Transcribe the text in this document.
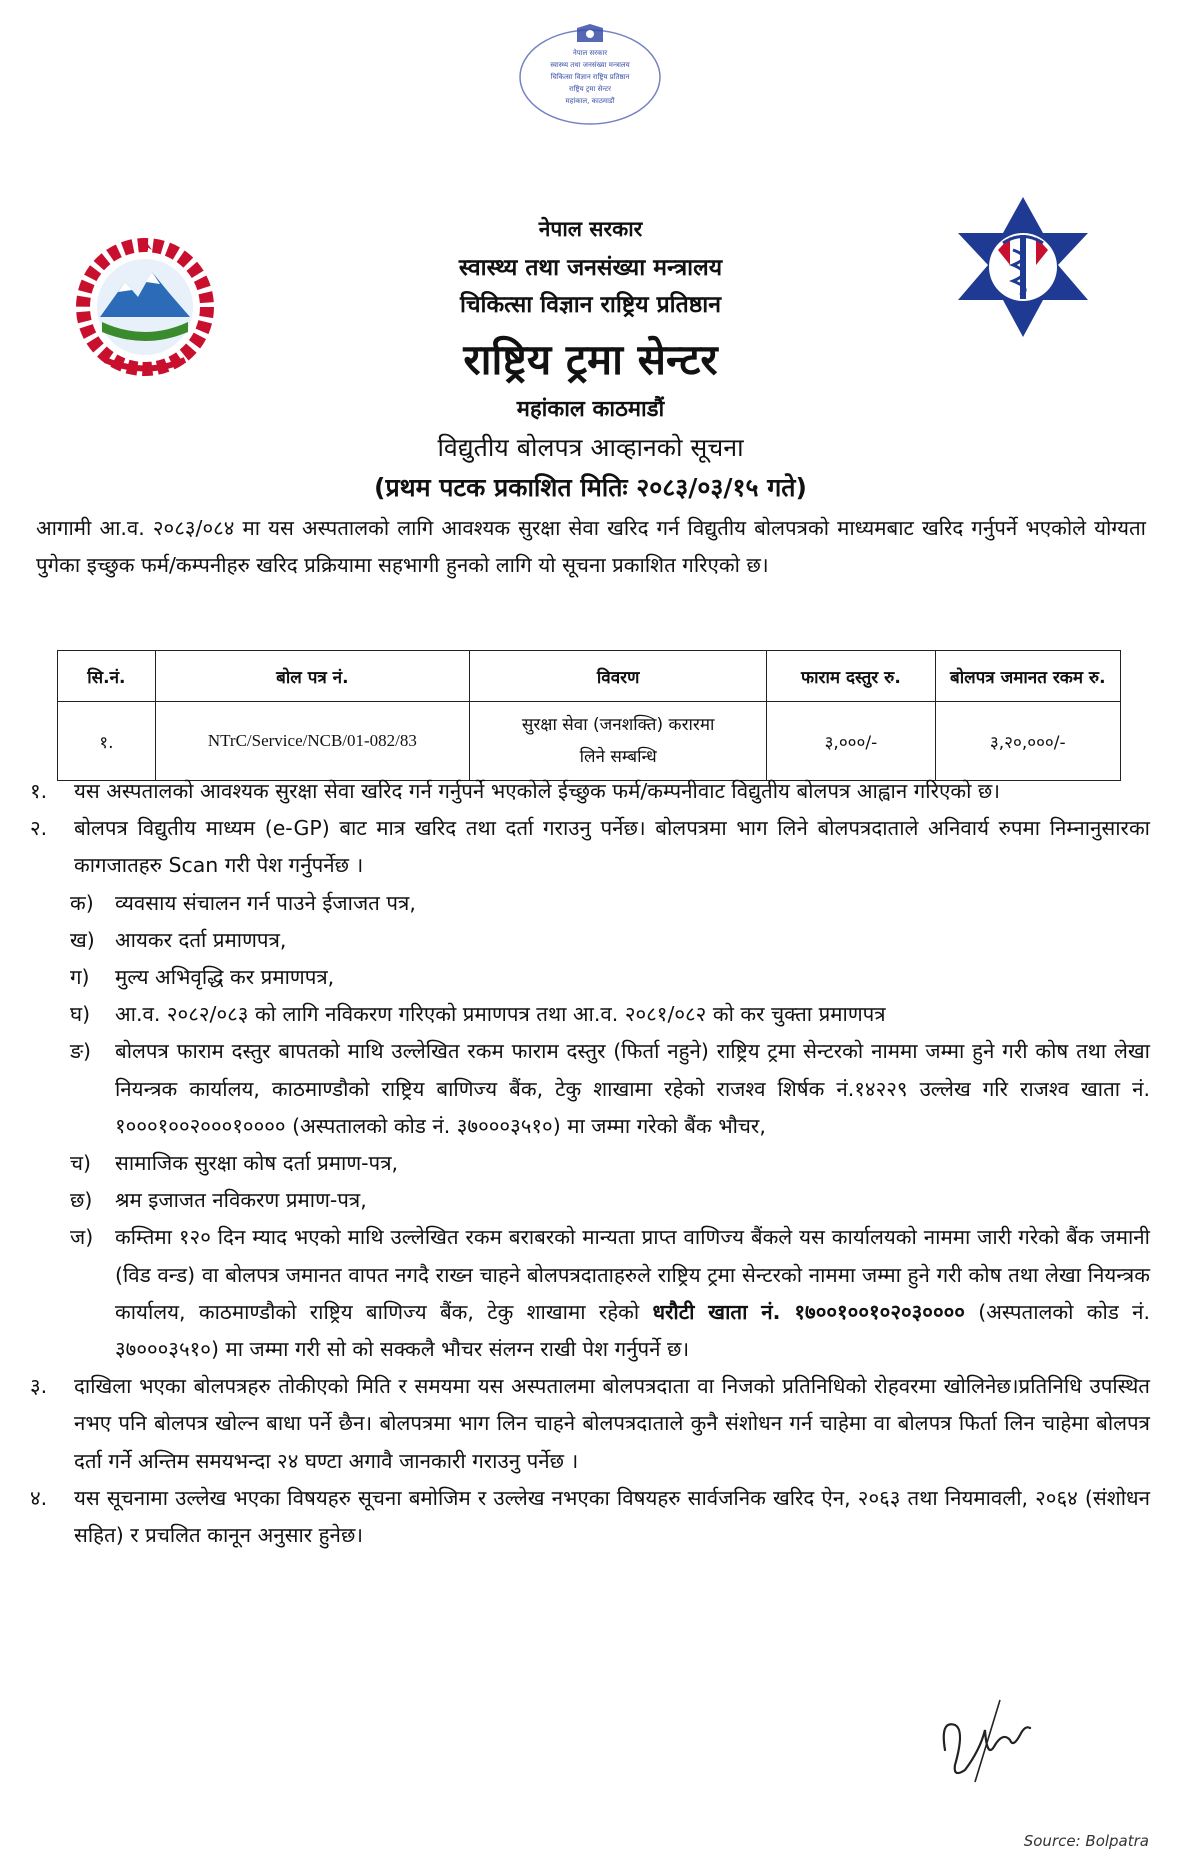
नेपाल सरकार
स्वास्थ्य तथा जनसंख्या मन्त्रालय
चिकित्सा विज्ञान राष्ट्रिय प्रतिष्ठान
राष्ट्रिय ट्रमा सेन्टर
महांकाल, काठमाडौं
नेपाल सरकार
स्वास्थ्य तथा जनसंख्या मन्त्रालय
चिकित्सा विज्ञान राष्ट्रिय प्रतिष्ठान
राष्ट्रिय ट्रमा सेन्टर
महांकाल काठमाडौं
विद्युतीय बोलपत्र आव्हानको सूचना
(प्रथम पटक प्रकाशित मितिः २०८३/०३/१५ गते)
आगामी आ.व. २०८३/०८४ मा यस अस्पतालको लागि आवश्यक सुरक्षा सेवा खरिद गर्न विद्युतीय बोलपत्रको माध्यमबाट खरिद गर्नुपर्ने भएकोले योग्यता पुगेका इच्छुक फर्म/कम्पनीहरु खरिद प्रक्रियामा सहभागी हुनको लागि यो सूचना प्रकाशित गरिएको छ।
सि.नं.	बोल पत्र नं.	विवरण	फाराम दस्तुर रु.	बोलपत्र जमानत रकम रु.
१.	NTrC/Service/NCB/01-082/83	सुरक्षा सेवा (जनशक्ति) करारमा
लिने सम्बन्धि	३,०००/-	३,२०,०००/-
१.	यस अस्पतालको आवश्यक सुरक्षा सेवा खरिद गर्न गर्नुपर्ने भएकोले ईच्छुक फर्म/कम्पनीवाट विद्युतीय बोलपत्र आह्वान गरिएको छ।
२.	बोलपत्र विद्युतीय माध्यम (e-GP) बाट मात्र खरिद तथा दर्ता गराउनु पर्नेछ। बोलपत्रमा भाग लिने बोलपत्रदाताले अनिवार्य रुपमा निम्नानुसारका कागजातहरु Scan गरी पेश गर्नुपर्नेछ ।
क)	व्यवसाय संचालन गर्न पाउने ईजाजत पत्र,
ख) आयकर दर्ता प्रमाणपत्र,
ग)	मुल्य अभिवृद्धि कर प्रमाणपत्र,
घ)	आ.व. २०८२/०८३ को लागि नविकरण गरिएको प्रमाणपत्र तथा आ.व. २०८१/०८२ को कर चुक्ता प्रमाणपत्र
ङ)	बोलपत्र फाराम दस्तुर बापतको माथि उल्लेखित रकम फाराम दस्तुर (फिर्ता नहुने) राष्ट्रिय ट्रमा सेन्टरको नाममा जम्मा हुने गरी कोष तथा लेखा नियन्त्रक कार्यालय, काठमाण्डौको राष्ट्रिय बाणिज्य बैंक, टेकु शाखामा रहेको राजश्व शिर्षक नं.१४२२९ उल्लेख गरि राजश्व खाता नं. १०००१००२०००१०००० (अस्पतालको कोड नं. ३७०००३५१०) मा जम्मा गरेको बैंक भौचर,
च)	सामाजिक सुरक्षा कोष दर्ता प्रमाण-पत्र,
छ)	श्रम इजाजत नविकरण प्रमाण-पत्र,
ज)	कम्तिमा १२० दिन म्याद भएको माथि उल्लेखित रकम बराबरको मान्यता प्राप्त वाणिज्य बैंकले यस कार्यालयको नाममा जारी गरेको बैंक जमानी (विड वन्ड) वा बोलपत्र जमानत वापत नगदै राख्न चाहने बोलपत्रदाताहरुले राष्ट्रिय ट्रमा सेन्टरको नाममा जम्मा हुने गरी कोष तथा लेखा नियन्त्रक कार्यालय, काठमाण्डौको राष्ट्रिय बाणिज्य बैंक, टेकु शाखामा रहेको धरौटी खाता नं. १७००१००१०२०३०००० (अस्पतालको कोड नं. ३७०००३५१०) मा जम्मा गरी सो को सक्कलै भौचर संलग्न राखी पेश गर्नुपर्ने छ।
३.	दाखिला भएका बोलपत्रहरु तोकीएको मिति र समयमा यस अस्पतालमा बोलपत्रदाता वा निजको प्रतिनिधिको रोहवरमा खोलिनेछ।प्रतिनिधि उपस्थित नभए पनि बोलपत्र खोल्न बाधा पर्ने छैन। बोलपत्रमा भाग लिन चाहने बोलपत्रदाताले कुनै संशोधन गर्न चाहेमा वा बोलपत्र फिर्ता लिन चाहेमा बोलपत्र दर्ता गर्ने अन्तिम समयभन्दा २४ घण्टा अगावै जानकारी गराउनु पर्नेछ ।
४.	यस सूचनामा उल्लेख भएका विषयहरु सूचना बमोजिम र उल्लेख नभएका विषयहरु सार्वजनिक खरिद ऐन, २०६३ तथा नियमावली, २०६४ (संशोधन सहित) र प्रचलित कानून अनुसार हुनेछ।
Source: Bolpatra
